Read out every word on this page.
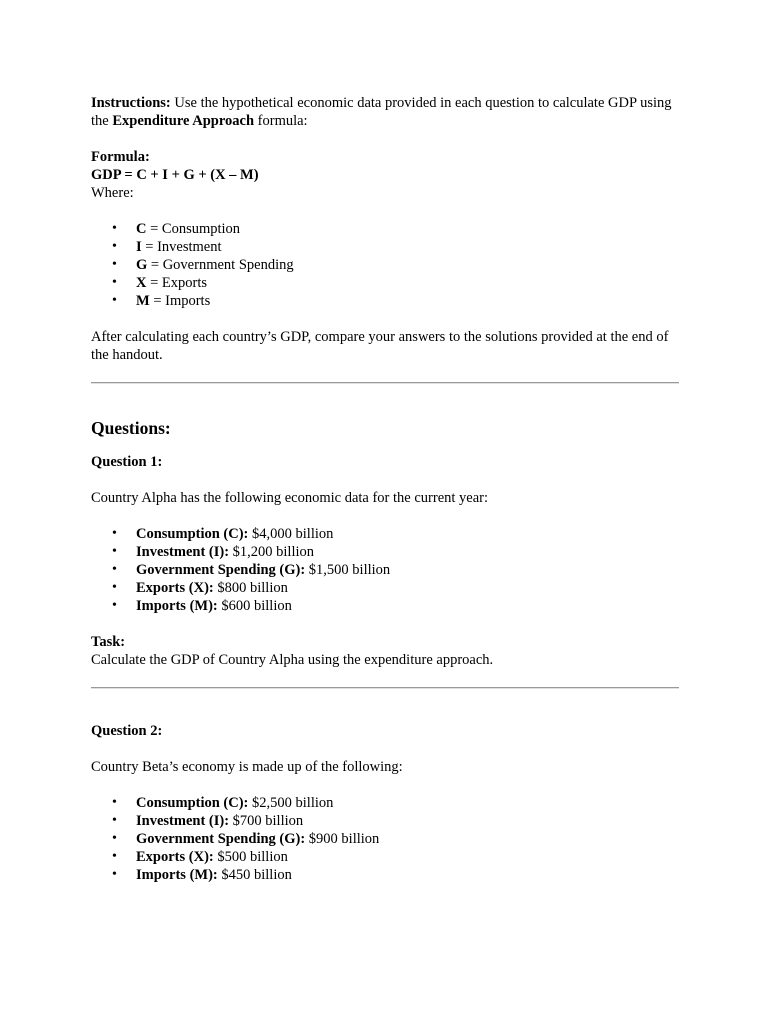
Instructions: Use the hypothetical economic data provided in each question to calculate GDP using the Expenditure Approach formula:

Formula:

GDP = C + I + G + (X – M)

Where:

• C = Consumption
• I = Investment
• G = Government Spending
• X = Exports
• M = Imports

After calculating each country’s GDP, compare your answers to the solutions provided at the end of the handout.

Questions:

Question 1:

Country Alpha has the following economic data for the current year:

• Consumption (C): $4,000 billion
• Investment (I): $1,200 billion
• Government Spending (G): $1,500 billion
• Exports (X): $800 billion
• Imports (M): $600 billion

Task:

Calculate the GDP of Country Alpha using the expenditure approach.

Question 2:

Country Beta’s economy is made up of the following:

• Consumption (C): $2,500 billion
• Investment (I): $700 billion
• Government Spending (G): $900 billion
• Exports (X): $500 billion
• Imports (M): $450 billion
